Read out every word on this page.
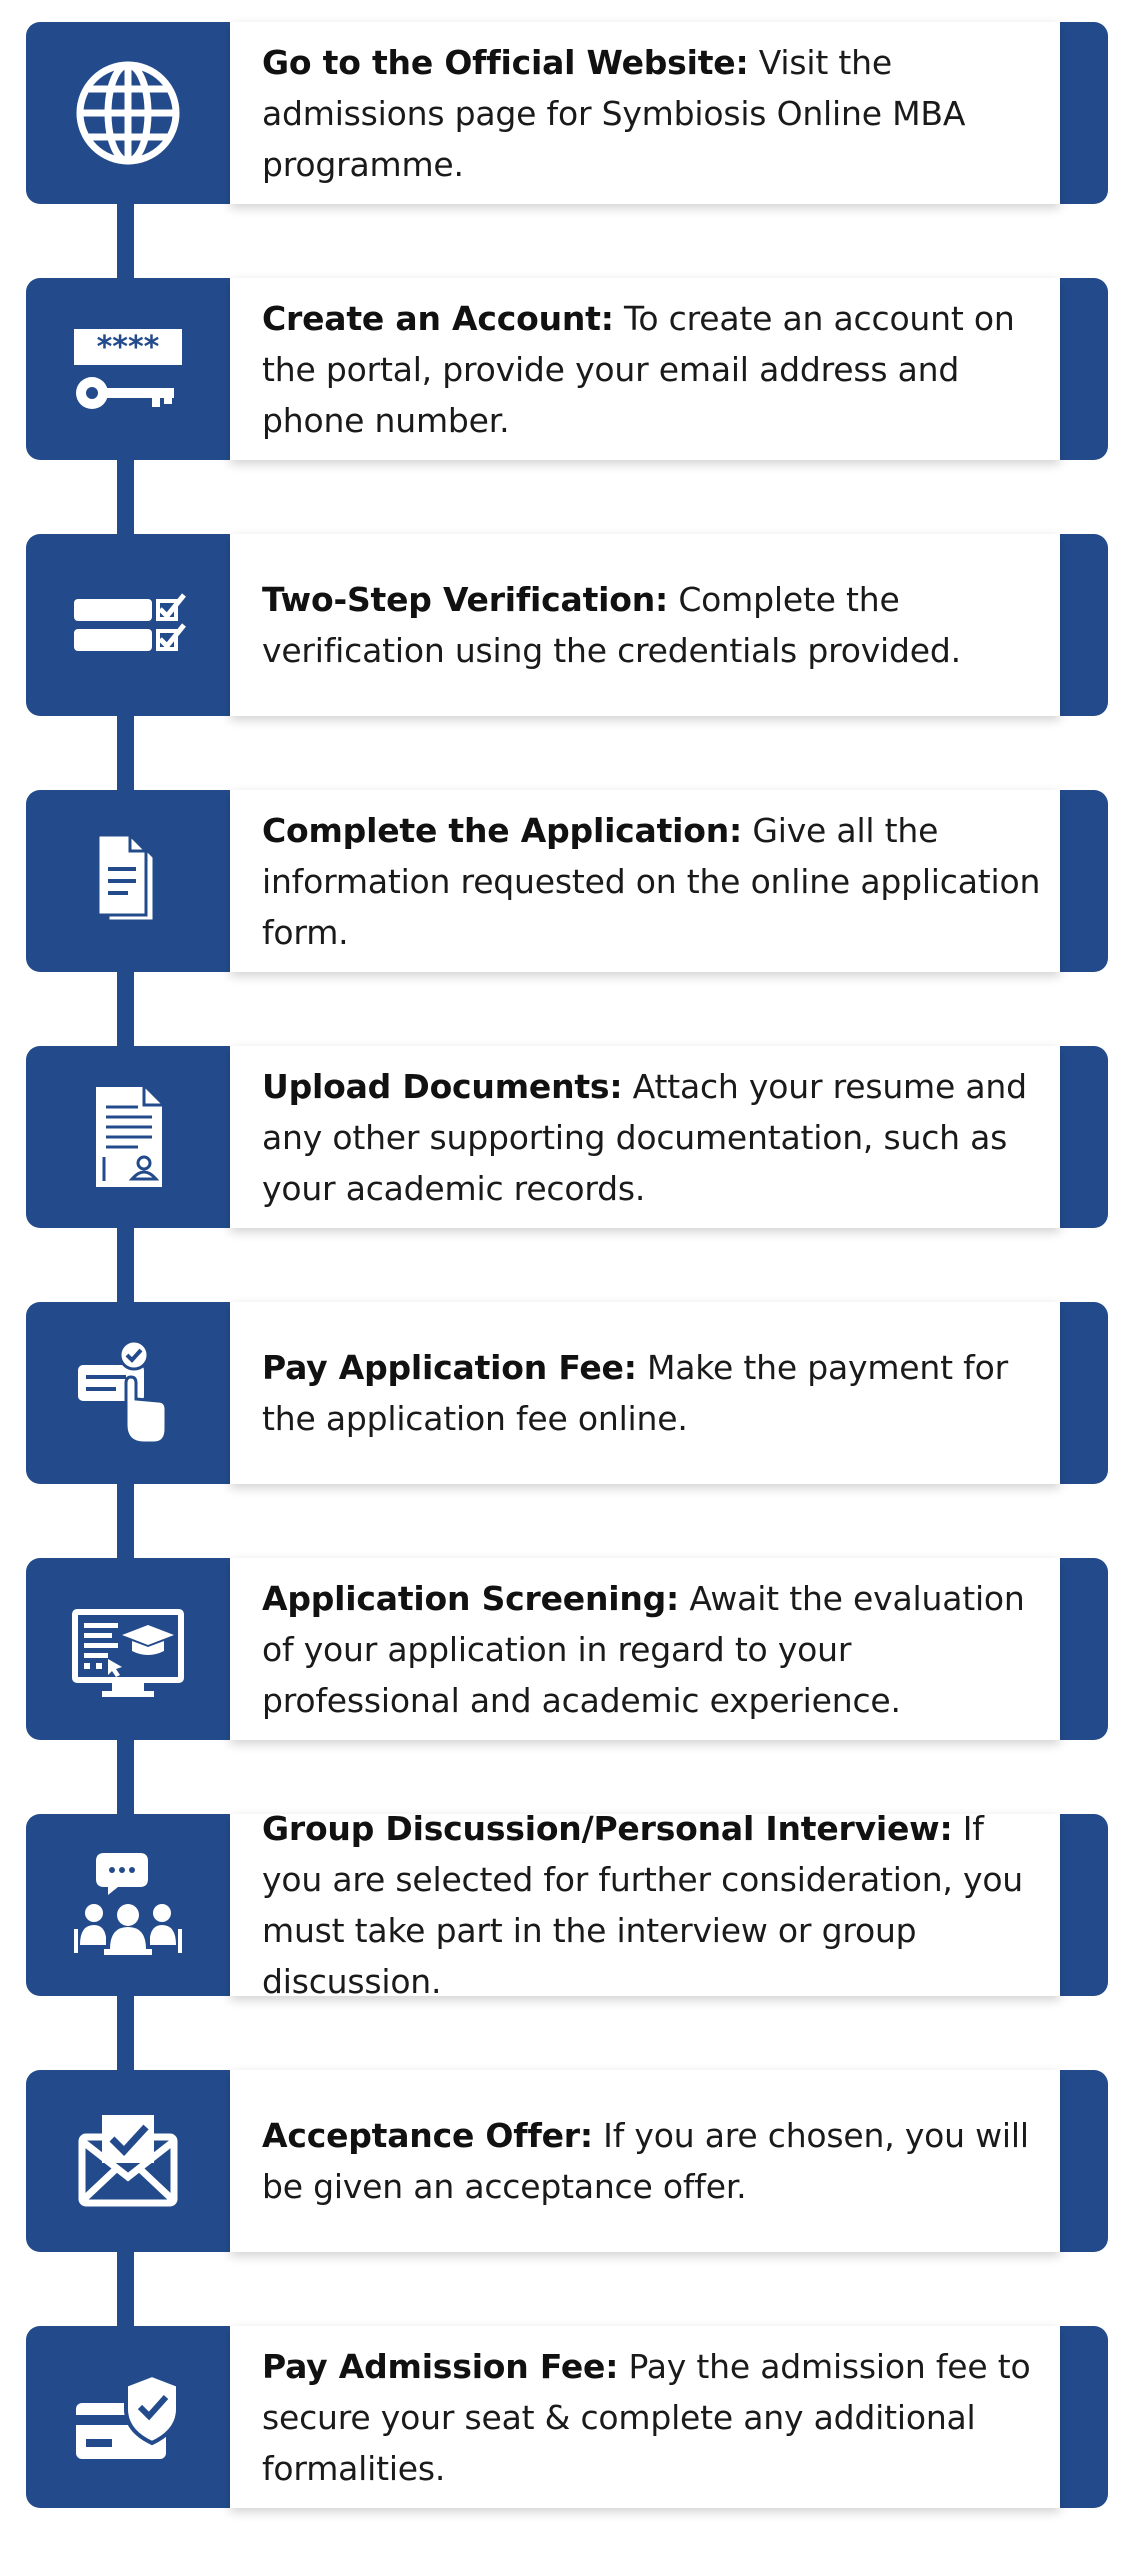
Go to the Official Website: Visit the admissions page for Symbiosis Online MBA programme.

****

Create an Account: To create an account on the portal, provide your email address and phone number.

Two-Step Verification: Complete the verification using the credentials provided.

Complete the Application: Give all the information requested on the online application form.

Upload Documents: Attach your resume and any other supporting documentation, such as your academic records.

Pay Application Fee: Make the payment for the application fee online.

Application Screening: Await the evaluation of your application in regard to your professional and academic experience.

Group Discussion/Personal Interview: If you are selected for further consideration, you must take part in the interview or group discussion.

Acceptance Offer: If you are chosen, you will be given an acceptance offer.

Pay Admission Fee: Pay the admission fee to secure your seat & complete any additional formalities.
